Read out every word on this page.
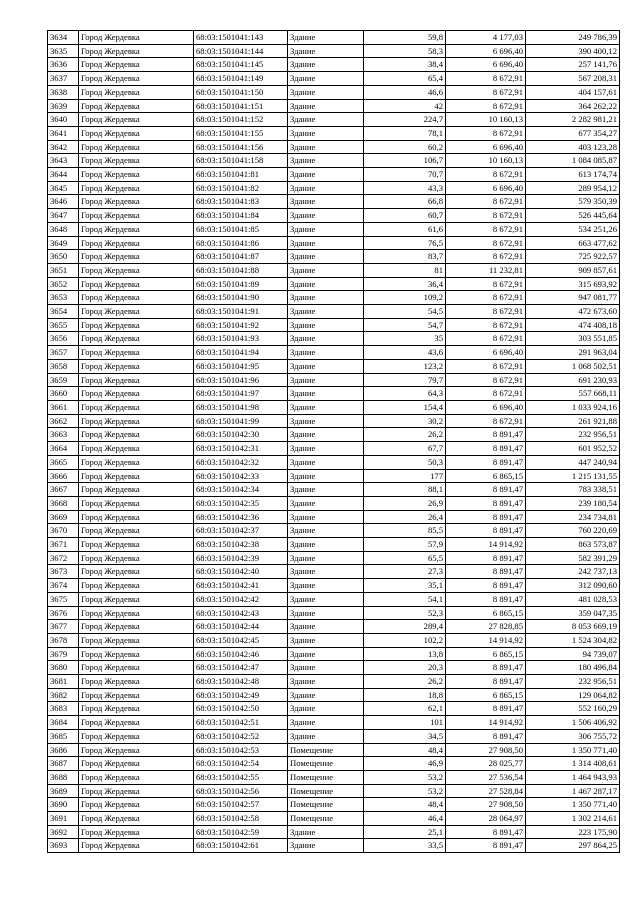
3634	Город Жердевка	68:03:1501041:143	Здание	59,8	4 177,03	249 786,39
3635	Город Жердевка	68:03:1501041:144	Здание	58,3	6 696,40	390 400,12
3636	Город Жердевка	68:03:1501041:145	Здание	38,4	6 696,40	257 141,76
3637	Город Жердевка	68:03:1501041:149	Здание	65,4	8 672,91	567 208,31
3638	Город Жердевка	68:03:1501041:150	Здание	46,6	8 672,91	404 157,61
3639	Город Жердевка	68:03:1501041:151	Здание	42	8 672,91	364 262,22
3640	Город Жердевка	68:03:1501041:152	Здание	224,7	10 160,13	2 282 981,21
3641	Город Жердевка	68:03:1501041:155	Здание	78,1	8 672,91	677 354,27
3642	Город Жердевка	68:03:1501041:156	Здание	60,2	6 696,40	403 123,28
3643	Город Жердевка	68:03:1501041:158	Здание	106,7	10 160,13	1 084 085,87
3644	Город Жердевка	68:03:1501041:81	Здание	70,7	8 672,91	613 174,74
3645	Город Жердевка	68:03:1501041:82	Здание	43,3	6 696,40	289 954,12
3646	Город Жердевка	68:03:1501041:83	Здание	66,8	8 672,91	579 350,39
3647	Город Жердевка	68:03:1501041:84	Здание	60,7	8 672,91	526 445,64
3648	Город Жердевка	68:03:1501041:85	Здание	61,6	8 672,91	534 251,26
3649	Город Жердевка	68:03:1501041:86	Здание	76,5	8 672,91	663 477,62
3650	Город Жердевка	68:03:1501041:87	Здание	83,7	8 672,91	725 922,57
3651	Город Жердевка	68:03:1501041:88	Здание	81	11 232,81	909 857,61
3652	Город Жердевка	68:03:1501041:89	Здание	36,4	8 672,91	315 693,92
3653	Город Жердевка	68:03:1501041:90	Здание	109,2	8 672,91	947 081,77
3654	Город Жердевка	68:03:1501041:91	Здание	54,5	8 672,91	472 673,60
3655	Город Жердевка	68:03:1501041:92	Здание	54,7	8 672,91	474 408,18
3656	Город Жердевка	68:03:1501041:93	Здание	35	8 672,91	303 551,85
3657	Город Жердевка	68:03:1501041:94	Здание	43,6	6 696,40	291 963,04
3658	Город Жердевка	68:03:1501041:95	Здание	123,2	8 672,91	1 068 502,51
3659	Город Жердевка	68:03:1501041:96	Здание	79,7	8 672,91	691 230,93
3660	Город Жердевка	68:03:1501041:97	Здание	64,3	8 672,91	557 668,11
3661	Город Жердевка	68:03:1501041:98	Здание	154,4	6 696,40	1 033 924,16
3662	Город Жердевка	68:03:1501041:99	Здание	30,2	8 672,91	261 921,88
3663	Город Жердевка	68:03:1501042:30	Здание	26,2	8 891,47	232 956,51
3664	Город Жердевка	68:03:1501042:31	Здание	67,7	8 891,47	601 952,52
3665	Город Жердевка	68:03:1501042:32	Здание	50,3	8 891,47	447 240,94
3666	Город Жердевка	68:03:1501042:33	Здание	177	6 865,15	1 215 131,55
3667	Город Жердевка	68:03:1501042:34	Здание	88,1	8 891,47	783 338,51
3668	Город Жердевка	68:03:1501042:35	Здание	26,9	8 891,47	239 180,54
3669	Город Жердевка	68:03:1501042:36	Здание	26,4	8 891,47	234 734,81
3670	Город Жердевка	68:03:1501042:37	Здание	85,5	8 891,47	760 220,69
3671	Город Жердевка	68:03:1501042:38	Здание	57,9	14 914,92	863 573,87
3672	Город Жердевка	68:03:1501042:39	Здание	65,5	8 891,47	582 391,29
3673	Город Жердевка	68:03:1501042:40	Здание	27,3	8 891,47	242 737,13
3674	Город Жердевка	68:03:1501042:41	Здание	35,1	8 891,47	312 090,60
3675	Город Жердевка	68:03:1501042:42	Здание	54,1	8 891,47	481 028,53
3676	Город Жердевка	68:03:1501042:43	Здание	52,3	6 865,15	359 047,35
3677	Город Жердевка	68:03:1501042:44	Здание	289,4	27 828,85	8 053 669,19
3678	Город Жердевка	68:03:1501042:45	Здание	102,2	14 914,92	1 524 304,82
3679	Город Жердевка	68:03:1501042:46	Здание	13,8	6 865,15	94 739,07
3680	Город Жердевка	68:03:1501042:47	Здание	20,3	8 891,47	180 496,84
3681	Город Жердевка	68:03:1501042:48	Здание	26,2	8 891,47	232 956,51
3682	Город Жердевка	68:03:1501042:49	Здание	18,8	6 865,15	129 064,82
3683	Город Жердевка	68:03:1501042:50	Здание	62,1	8 891,47	552 160,29
3684	Город Жердевка	68:03:1501042:51	Здание	101	14 914,92	1 506 406,92
3685	Город Жердевка	68:03:1501042:52	Здание	34,5	8 891,47	306 755,72
3686	Город Жердевка	68:03:1501042:53	Помещение	48,4	27 908,50	1 350 771,40
3687	Город Жердевка	68:03:1501042:54	Помещение	46,9	28 025,77	1 314 408,61
3688	Город Жердевка	68:03:1501042:55	Помещение	53,2	27 536,54	1 464 943,93
3689	Город Жердевка	68:03:1501042:56	Помещение	53,2	27 528,84	1 467 287,17
3690	Город Жердевка	68:03:1501042:57	Помещение	48,4	27 908,50	1 350 771,40
3691	Город Жердевка	68:03:1501042:58	Помещение	46,4	28 064,97	1 302 214,61
3692	Город Жердевка	68:03:1501042:59	Здание	25,1	8 891,47	223 175,90
3693	Город Жердевка	68:03:1501042:61	Здание	33,5	8 891,47	297 864,25
